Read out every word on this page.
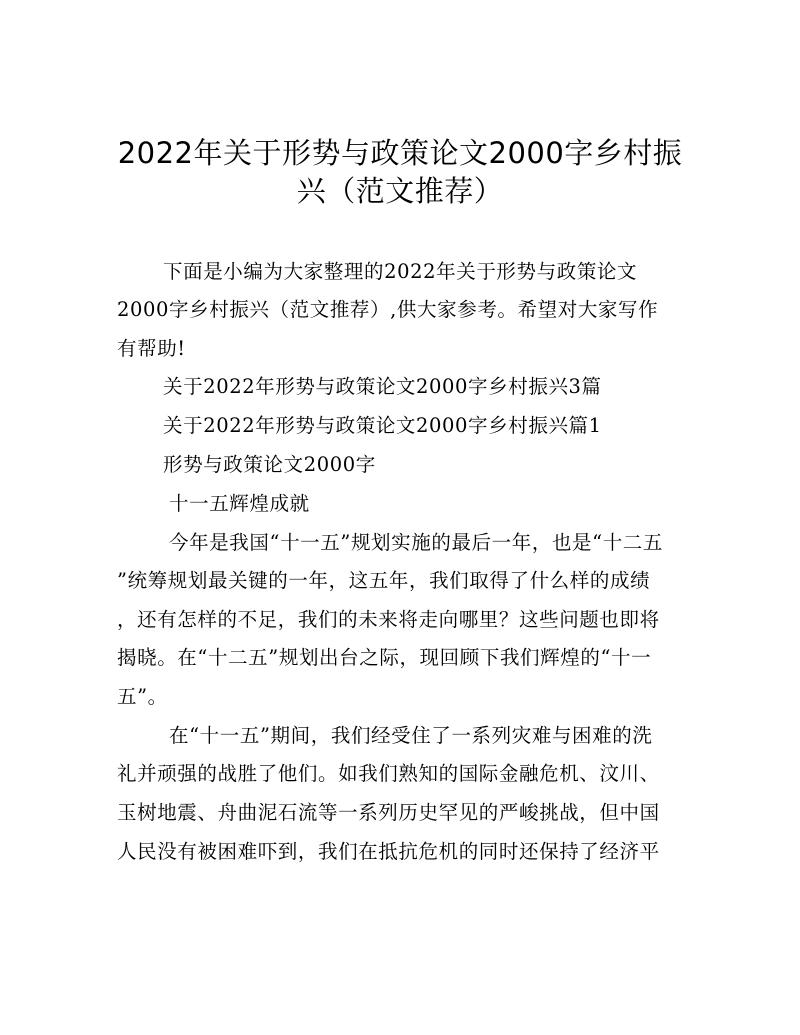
2022年关于形势与政策论文2000字乡村振
兴（范文推荐）
下面是小编为大家整理的2022年关于形势与政策论文
2000字乡村振兴（范文推荐）,供大家参考。希望对大家写作
有帮助!
关于2022年形势与政策论文2000字乡村振兴3篇
关于2022年形势与政策论文2000字乡村振兴篇1
形势与政策论文2000字
十一五辉煌成就
今年是我国“十一五”规划实施的最后一年，也是“十二五
”统筹规划最关键的一年，这五年，我们取得了什么样的成绩
，还有怎样的不足，我们的未来将走向哪里？这些问题也即将
揭晓。在“十二五”规划出台之际，现回顾下我们辉煌的“十一
五”。
在“十一五”期间，我们经受住了一系列灾难与困难的洗
礼并顽强的战胜了他们。如我们熟知的国际金融危机、汶川、
玉树地震、舟曲泥石流等一系列历史罕见的严峻挑战，但中国
人民没有被困难吓到，我们在抵抗危机的同时还保持了经济平
